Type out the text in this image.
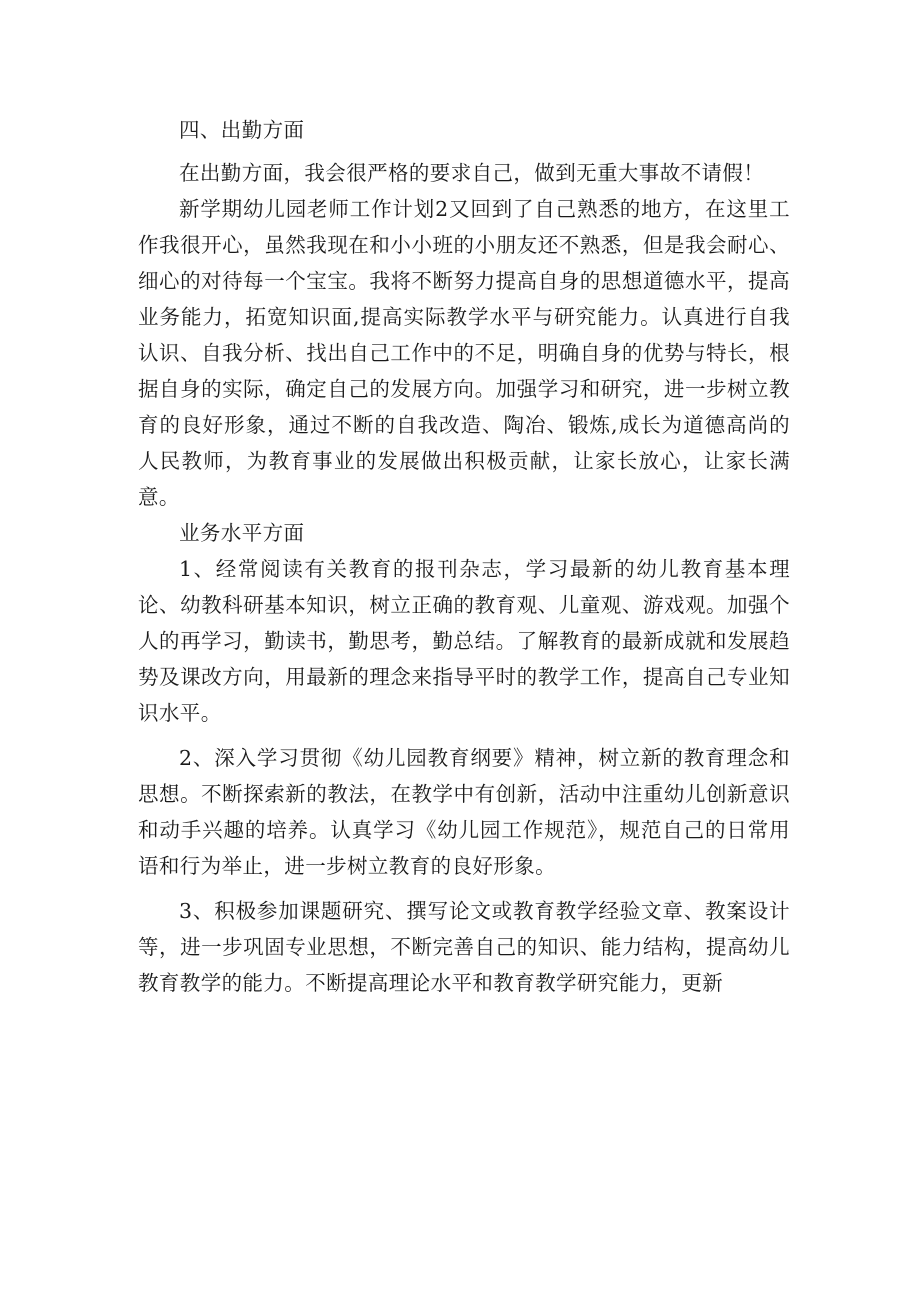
四、出勤方面

在出勤方面，我会很严格的要求自己，做到无重大事故不请假！

新学期幼儿园老师工作计划2又回到了自己熟悉的地方，在这里工作我很开心，虽然我现在和小小班的小朋友还不熟悉，但是我会耐心、细心的对待每一个宝宝。我将不断努力提高自身的思想道德水平，提高业务能力，拓宽知识面,提高实际教学水平与研究能力。认真进行自我认识、自我分析、找出自己工作中的不足，明确自身的优势与特长，根据自身的实际，确定自己的发展方向。加强学习和研究，进一步树立教育的良好形象，通过不断的自我改造、陶冶、锻炼,成长为道德高尚的人民教师，为教育事业的发展做出积极贡献，让家长放心，让家长满意。

业务水平方面

1、经常阅读有关教育的报刊杂志，学习最新的幼儿教育基本理论、幼教科研基本知识，树立正确的教育观、儿童观、游戏观。加强个人的再学习，勤读书，勤思考，勤总结。了解教育的最新成就和发展趋势及课改方向，用最新的理念来指导平时的教学工作，提高自己专业知识水平。

2、深入学习贯彻《幼儿园教育纲要》精神，树立新的教育理念和思想。不断探索新的教法，在教学中有创新，活动中注重幼儿创新意识和动手兴趣的培养。认真学习《幼儿园工作规范》，规范自己的日常用语和行为举止，进一步树立教育的良好形象。

3、积极参加课题研究、撰写论文或教育教学经验文章、教案设计等，进一步巩固专业思想，不断完善自己的知识、能力结构，提高幼儿教育教学的能力。不断提高理论水平和教育教学研究能力，更新
